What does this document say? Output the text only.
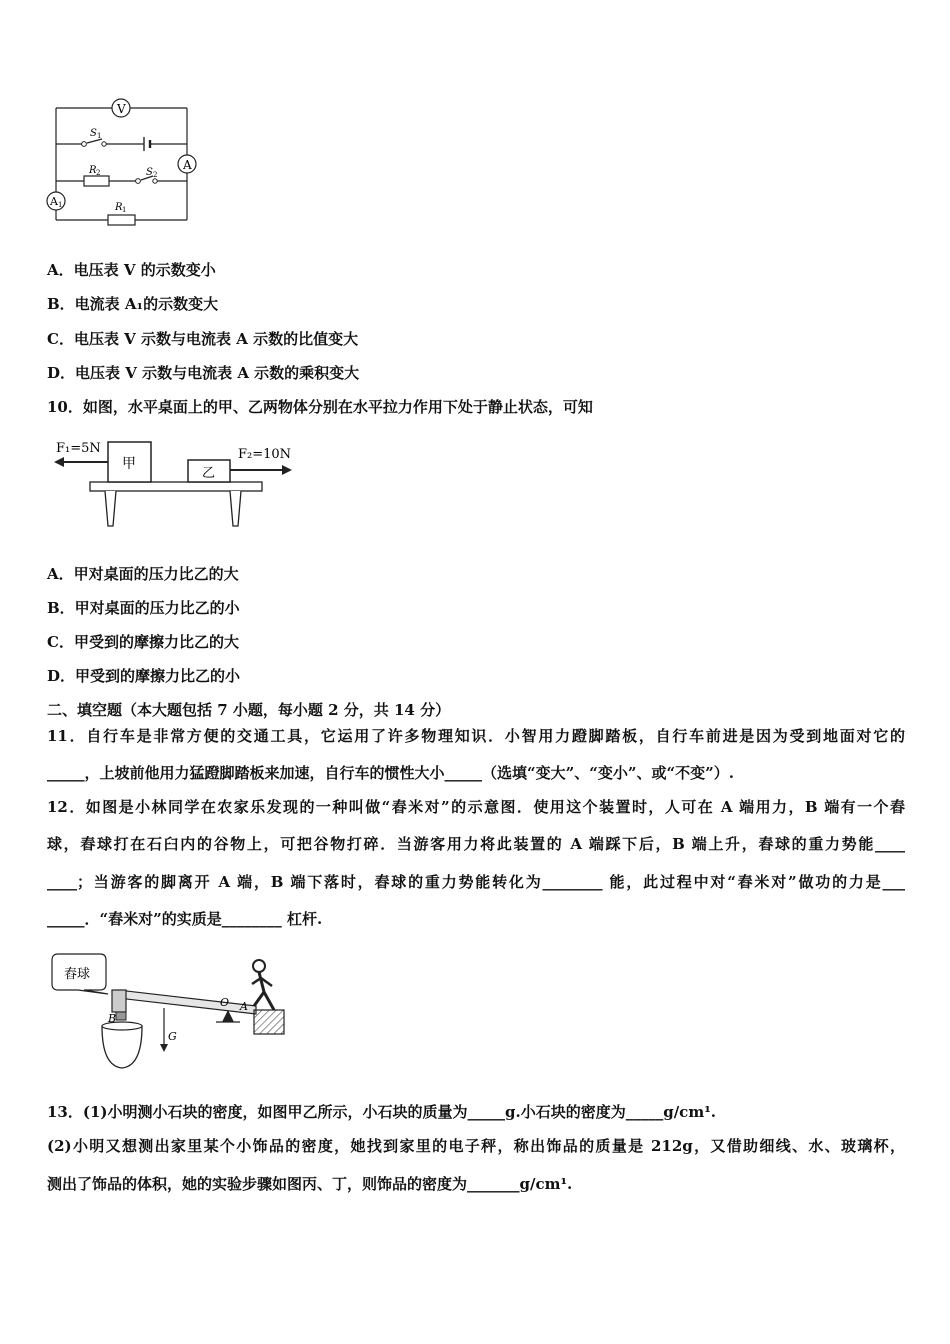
V
A
A 1
S 1
S 2
R 2
R 1
A．电压表 V 的示数变小
B．电流表 A₁的示数变大
C．电压表 V 示数与电流表 A 示数的比值变大
D．电压表 V 示数与电流表 A 示数的乘积变大
10．如图，水平桌面上的甲、乙两物体分别在水平拉力作用下处于静止状态，可知
F₁=5N	F₂=10N
甲
乙
A．甲对桌面的压力比乙的大
B．甲对桌面的压力比乙的小
C．甲受到的摩擦力比乙的大
D．甲受到的摩擦力比乙的小
二、填空题（本大题包括 7 小题，每小题 2 分，共 14 分）
11．自行车是非常方便的交通工具，它运用了许多物理知识．小智用力蹬脚踏板，自行车前进是因为受到地面对它的
_____，上坡前他用力猛蹬脚踏板来加速，自行车的惯性大小_____（选填“变大”、“变小”、或“不变”）.
12．如图是小林同学在农家乐发现的一种叫做“舂米对”的示意图．使用这个装置时，人可在 A 端用力，B 端有一个舂
球，舂球打在石臼内的谷物上，可把谷物打碎．当游客用力将此装置的 A 端踩下后，B 端上升，舂球的重力势能____
____；当游客的脚离开 A 端，B 端下落时，舂球的重力势能转化为________ 能，此过程中对“舂米对”做功的力是___
_____．“舂米对”的实质是________ 杠杆.
舂球
G
O A
B
13．(1)小明测小石块的密度，如图甲乙所示，小石块的质量为_____g.小石块的密度为_____g/cm¹.
(2)小明又想测出家里某个小饰品的密度，她找到家里的电子秤，称出饰品的质量是 212g，又借助细线、水、玻璃杯，
测出了饰品的体积，她的实验步骤如图丙、丁，则饰品的密度为_______g/cm¹.
